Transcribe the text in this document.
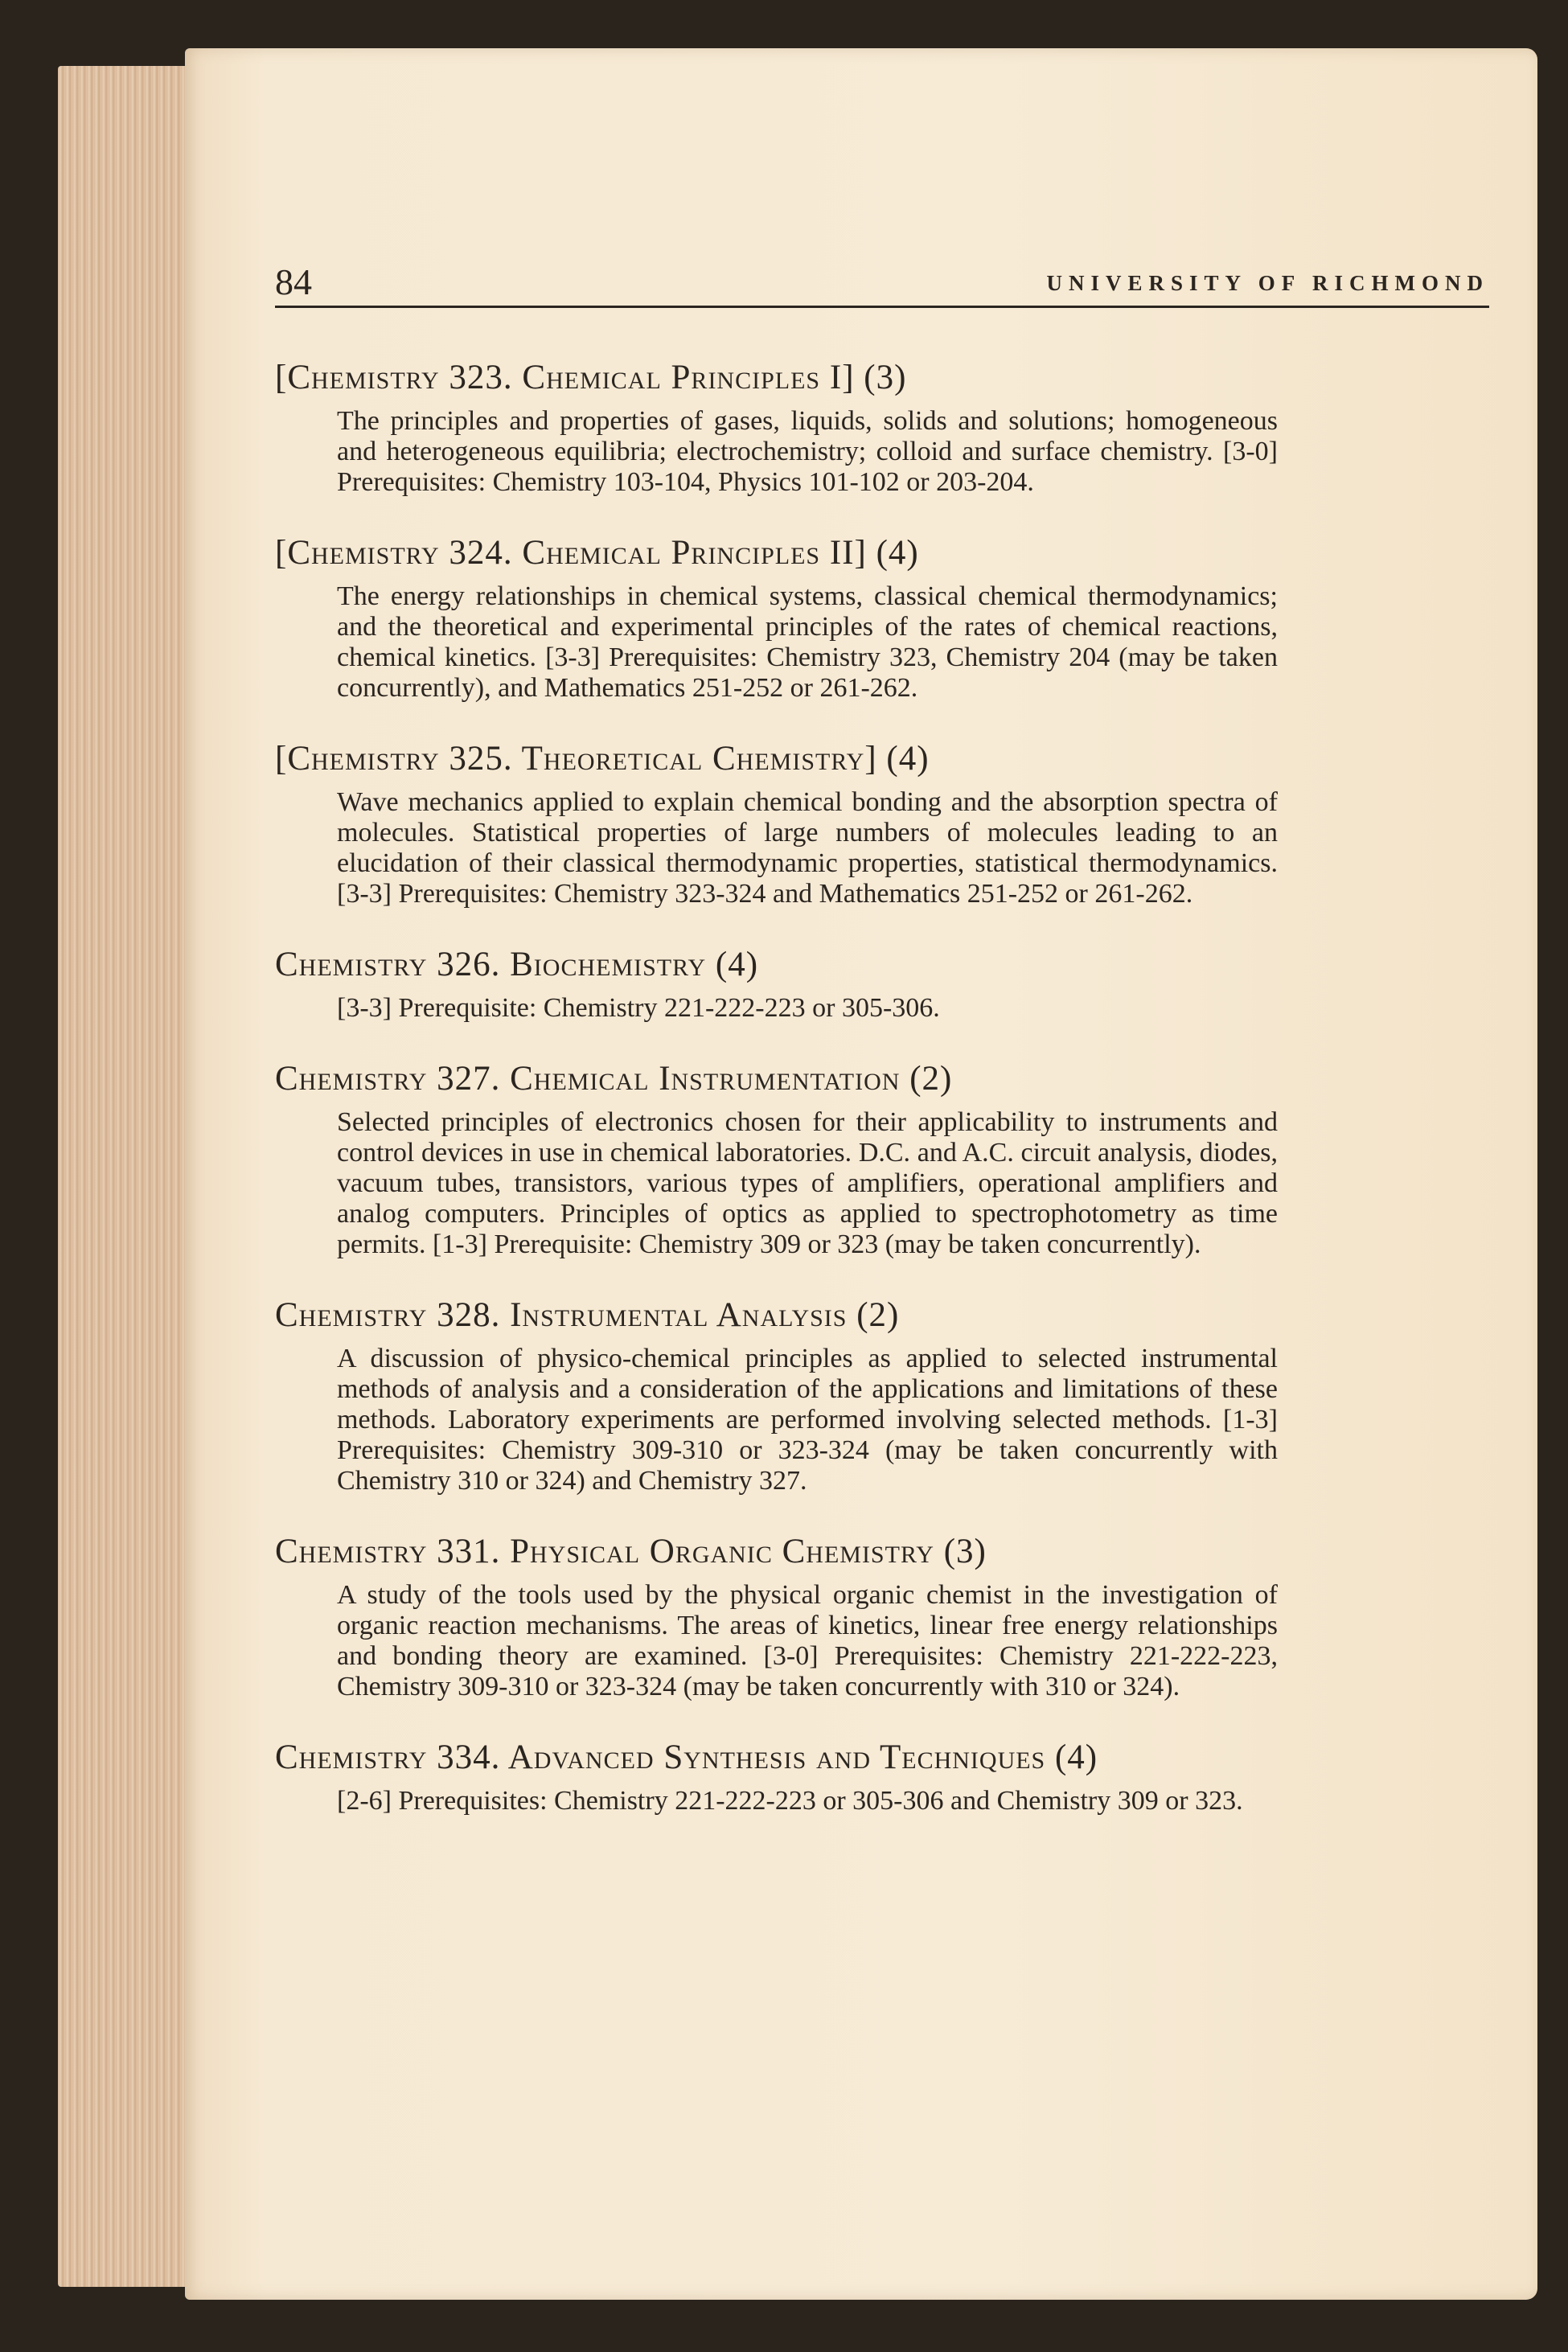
84	UNIVERSITY OF RICHMOND
[Chemistry 323. Chemical Principles I] (3)
The principles and properties of gases, liquids, solids and solutions; homogeneous and heterogeneous equilibria; electrochemistry; colloid and surface chemistry. [3-0] Prerequisites: Chemistry 103-104, Physics 101-102 or 203-204.
[Chemistry 324. Chemical Principles II] (4)
The energy relationships in chemical systems, classical chemical thermodynamics; and the theoretical and experimental principles of the rates of chemical reactions, chemical kinetics. [3-3] Prerequisites: Chemistry 323, Chemistry 204 (may be taken concurrently), and Mathematics 251-252 or 261-262.
[Chemistry 325. Theoretical Chemistry] (4)
Wave mechanics applied to explain chemical bonding and the absorption spectra of molecules. Statistical properties of large numbers of molecules leading to an elucidation of their classical thermodynamic properties, statistical thermodynamics. [3-3] Prerequisites: Chemistry 323-324 and Mathematics 251-252 or 261-262.
Chemistry 326. Biochemistry (4)
[3-3] Prerequisite: Chemistry 221-222-223 or 305-306.
Chemistry 327. Chemical Instrumentation (2)
Selected principles of electronics chosen for their applicability to instruments and control devices in use in chemical laboratories. D.C. and A.C. circuit analysis, diodes, vacuum tubes, transistors, various types of amplifiers, operational amplifiers and analog computers. Principles of optics as applied to spectrophotometry as time permits. [1-3] Prerequisite: Chemistry 309 or 323 (may be taken concurrently).
Chemistry 328. Instrumental Analysis (2)
A discussion of physico-chemical principles as applied to selected instrumental methods of analysis and a consideration of the applications and limitations of these methods. Laboratory experiments are performed involving selected methods. [1-3] Prerequisites: Chemistry 309-310 or 323-324 (may be taken concurrently with Chemistry 310 or 324) and Chemistry 327.
Chemistry 331. Physical Organic Chemistry (3)
A study of the tools used by the physical organic chemist in the investigation of organic reaction mechanisms. The areas of kinetics, linear free energy relationships and bonding theory are examined. [3-0] Prerequisites: Chemistry 221-222-223, Chemistry 309-310 or 323-324 (may be taken concurrently with 310 or 324).
Chemistry 334. Advanced Synthesis and Techniques (4)
[2-6] Prerequisites: Chemistry 221-222-223 or 305-306 and Chemistry 309 or 323.
